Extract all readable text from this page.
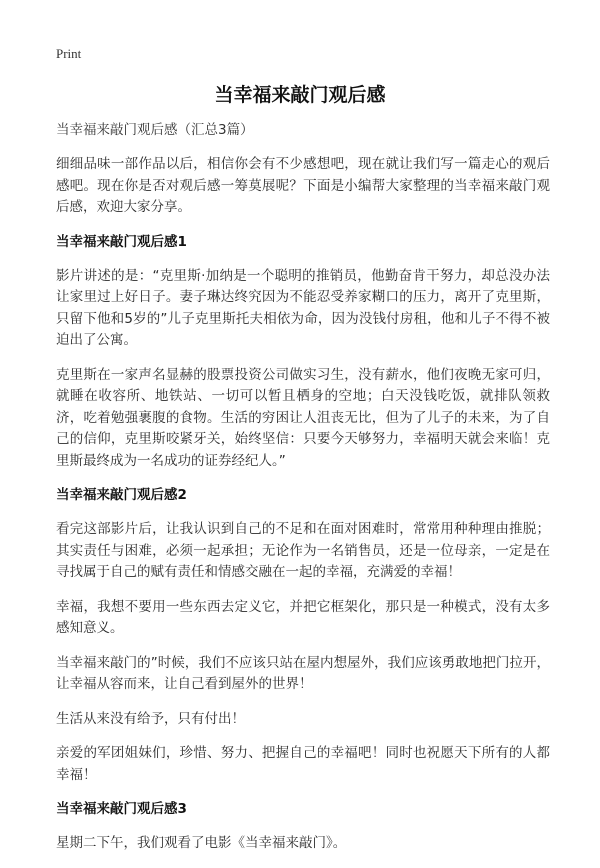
Print
当幸福来敲门观后感

当幸福来敲门观后感（汇总3篇）

细细品味一部作品以后，相信你会有不少感想吧，现在就让我们写一篇走心的观后感吧。现在你是否对观后感一筹莫展呢？下面是小编帮大家整理的当幸福来敲门观后感，欢迎大家分享。

当幸福来敲门观后感1

影片讲述的是：“克里斯·加纳是一个聪明的推销员，他勤奋肯干努力，却总没办法让家里过上好日子。妻子琳达终究因为不能忍受养家糊口的压力，离开了克里斯，只留下他和5岁的”儿子克里斯托夫相依为命，因为没钱付房租，他和儿子不得不被迫出了公寓。

克里斯在一家声名显赫的股票投资公司做实习生，没有薪水，他们夜晚无家可归，就睡在收容所、地铁站、一切可以暂且栖身的空地；白天没钱吃饭，就排队领救济，吃着勉强裹腹的食物。生活的穷困让人沮丧无比，但为了儿子的未来，为了自己的信仰，克里斯咬紧牙关，始终坚信：只要今天够努力，幸福明天就会来临！克里斯最终成为一名成功的证券经纪人。”

当幸福来敲门观后感2

看完这部影片后，让我认识到自己的不足和在面对困难时，常常用种种理由推脱；其实责任与困难，必须一起承担；无论作为一名销售员，还是一位母亲，一定是在寻找属于自己的赋有责任和情感交融在一起的幸福，充满爱的幸福！

幸福，我想不要用一些东西去定义它，并把它框架化，那只是一种模式，没有太多感知意义。

当幸福来敲门的”时候，我们不应该只站在屋内想屋外，我们应该勇敢地把门拉开，让幸福从容而来，让自己看到屋外的世界！

生活从来没有给予，只有付出！

亲爱的军团姐妹们，珍惜、努力、把握自己的幸福吧！同时也祝愿天下所有的人都幸福！

当幸福来敲门观后感3

星期二下午，我们观看了电影《当幸福来敲门》。
